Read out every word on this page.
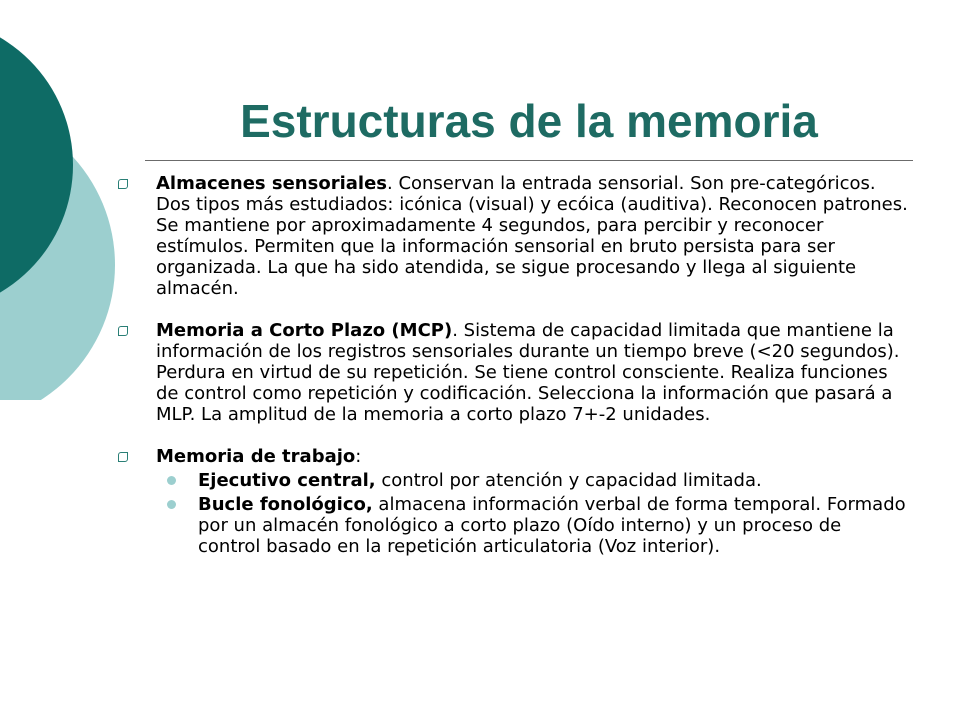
Estructuras de la memoria
Almacenes sensoriales. Conservan la entrada sensorial. Son pre-categóricos. Dos tipos más estudiados: icónica (visual) y ecóica (auditiva). Reconocen patrones. Se mantiene por aproximadamente 4 segundos, para percibir y reconocer estímulos. Permiten que la información sensorial en bruto persista para ser organizada. La que ha sido atendida, se sigue procesando y llega al siguiente almacén.
Memoria a Corto Plazo (MCP). Sistema de capacidad limitada que mantiene la información de los registros sensoriales durante un tiempo breve (<20 segundos). Perdura en virtud de su repetición. Se tiene control consciente. Realiza funciones de control como repetición y codificación. Selecciona la información que pasará a MLP. La amplitud de la memoria a corto plazo 7+-2 unidades.
Memoria de trabajo:
Ejecutivo central, control por atención y capacidad limitada.
Bucle fonológico, almacena información verbal de forma temporal. Formado por un almacén fonológico a corto plazo (Oído interno) y un proceso de control basado en la repetición articulatoria (Voz interior).
